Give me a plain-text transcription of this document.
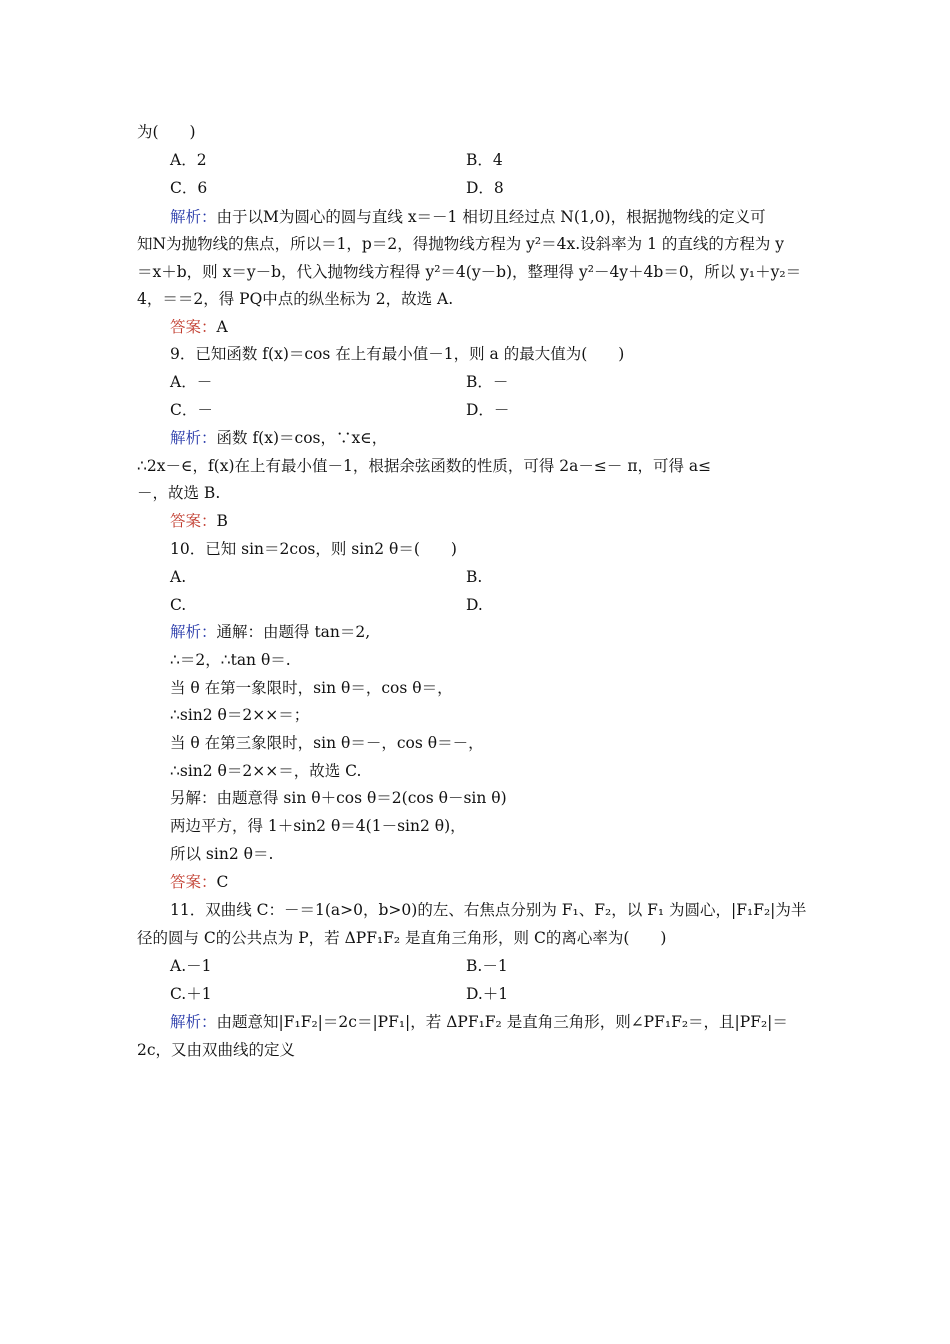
为(　　)
A．2	B．4
C．6	D．8
解析：由于以M为圆心的圆与直线 x＝－1 相切且经过点 N(1,0)，根据抛物线的定义可
知N为抛物线的焦点，所以＝1，p＝2，得抛物线方程为 y²＝4x.设斜率为 1 的直线的方程为 y
＝x＋b，则 x＝y－b，代入抛物线方程得 y²＝4(y－b)，整理得 y²－4y＋4b＝0，所以 y₁＋y₂＝
4，＝＝2，得 PQ中点的纵坐标为 2，故选 A.
答案：A
9．已知函数 f(x)＝cos 在上有最小值－1，则 a 的最大值为(　　)
A．－	B．－
C．－	D．－
解析：函数 f(x)＝cos，∵x∈，
∴2x－∈，f(x)在上有最小值－1，根据余弦函数的性质，可得 2a－≤－ π，可得 a≤
－，故选 B.
答案：B
10．已知 sin＝2cos，则 sin2 θ＝(　　)
A.	B.
C.	D.
解析：通解：由题得 tan＝2,
∴＝2，∴tan θ＝.
当 θ 在第一象限时，sin θ＝，cos θ＝，
∴sin2 θ＝2××＝；
当 θ 在第三象限时，sin θ＝－，cos θ＝－，
∴sin2 θ＝2××＝，故选 C.
另解：由题意得 sin θ＋cos θ＝2(cos θ－sin θ)
两边平方，得 1＋sin2 θ＝4(1－sin2 θ)，
所以 sin2 θ＝.
答案：C
11．双曲线 C：－＝1(a>0，b>0)的左、右焦点分别为 F₁、F₂，以 F₁ 为圆心，|F₁F₂|为半
径的圆与 C的公共点为 P，若 ΔPF₁F₂ 是直角三角形，则 C的离心率为(　　)
A.－1	B.－1
C.＋1	D.＋1
解析：由题意知|F₁F₂|＝2c＝|PF₁|，若 ΔPF₁F₂ 是直角三角形，则∠PF₁F₂＝，且|PF₂|＝
2c，又由双曲线的定义
